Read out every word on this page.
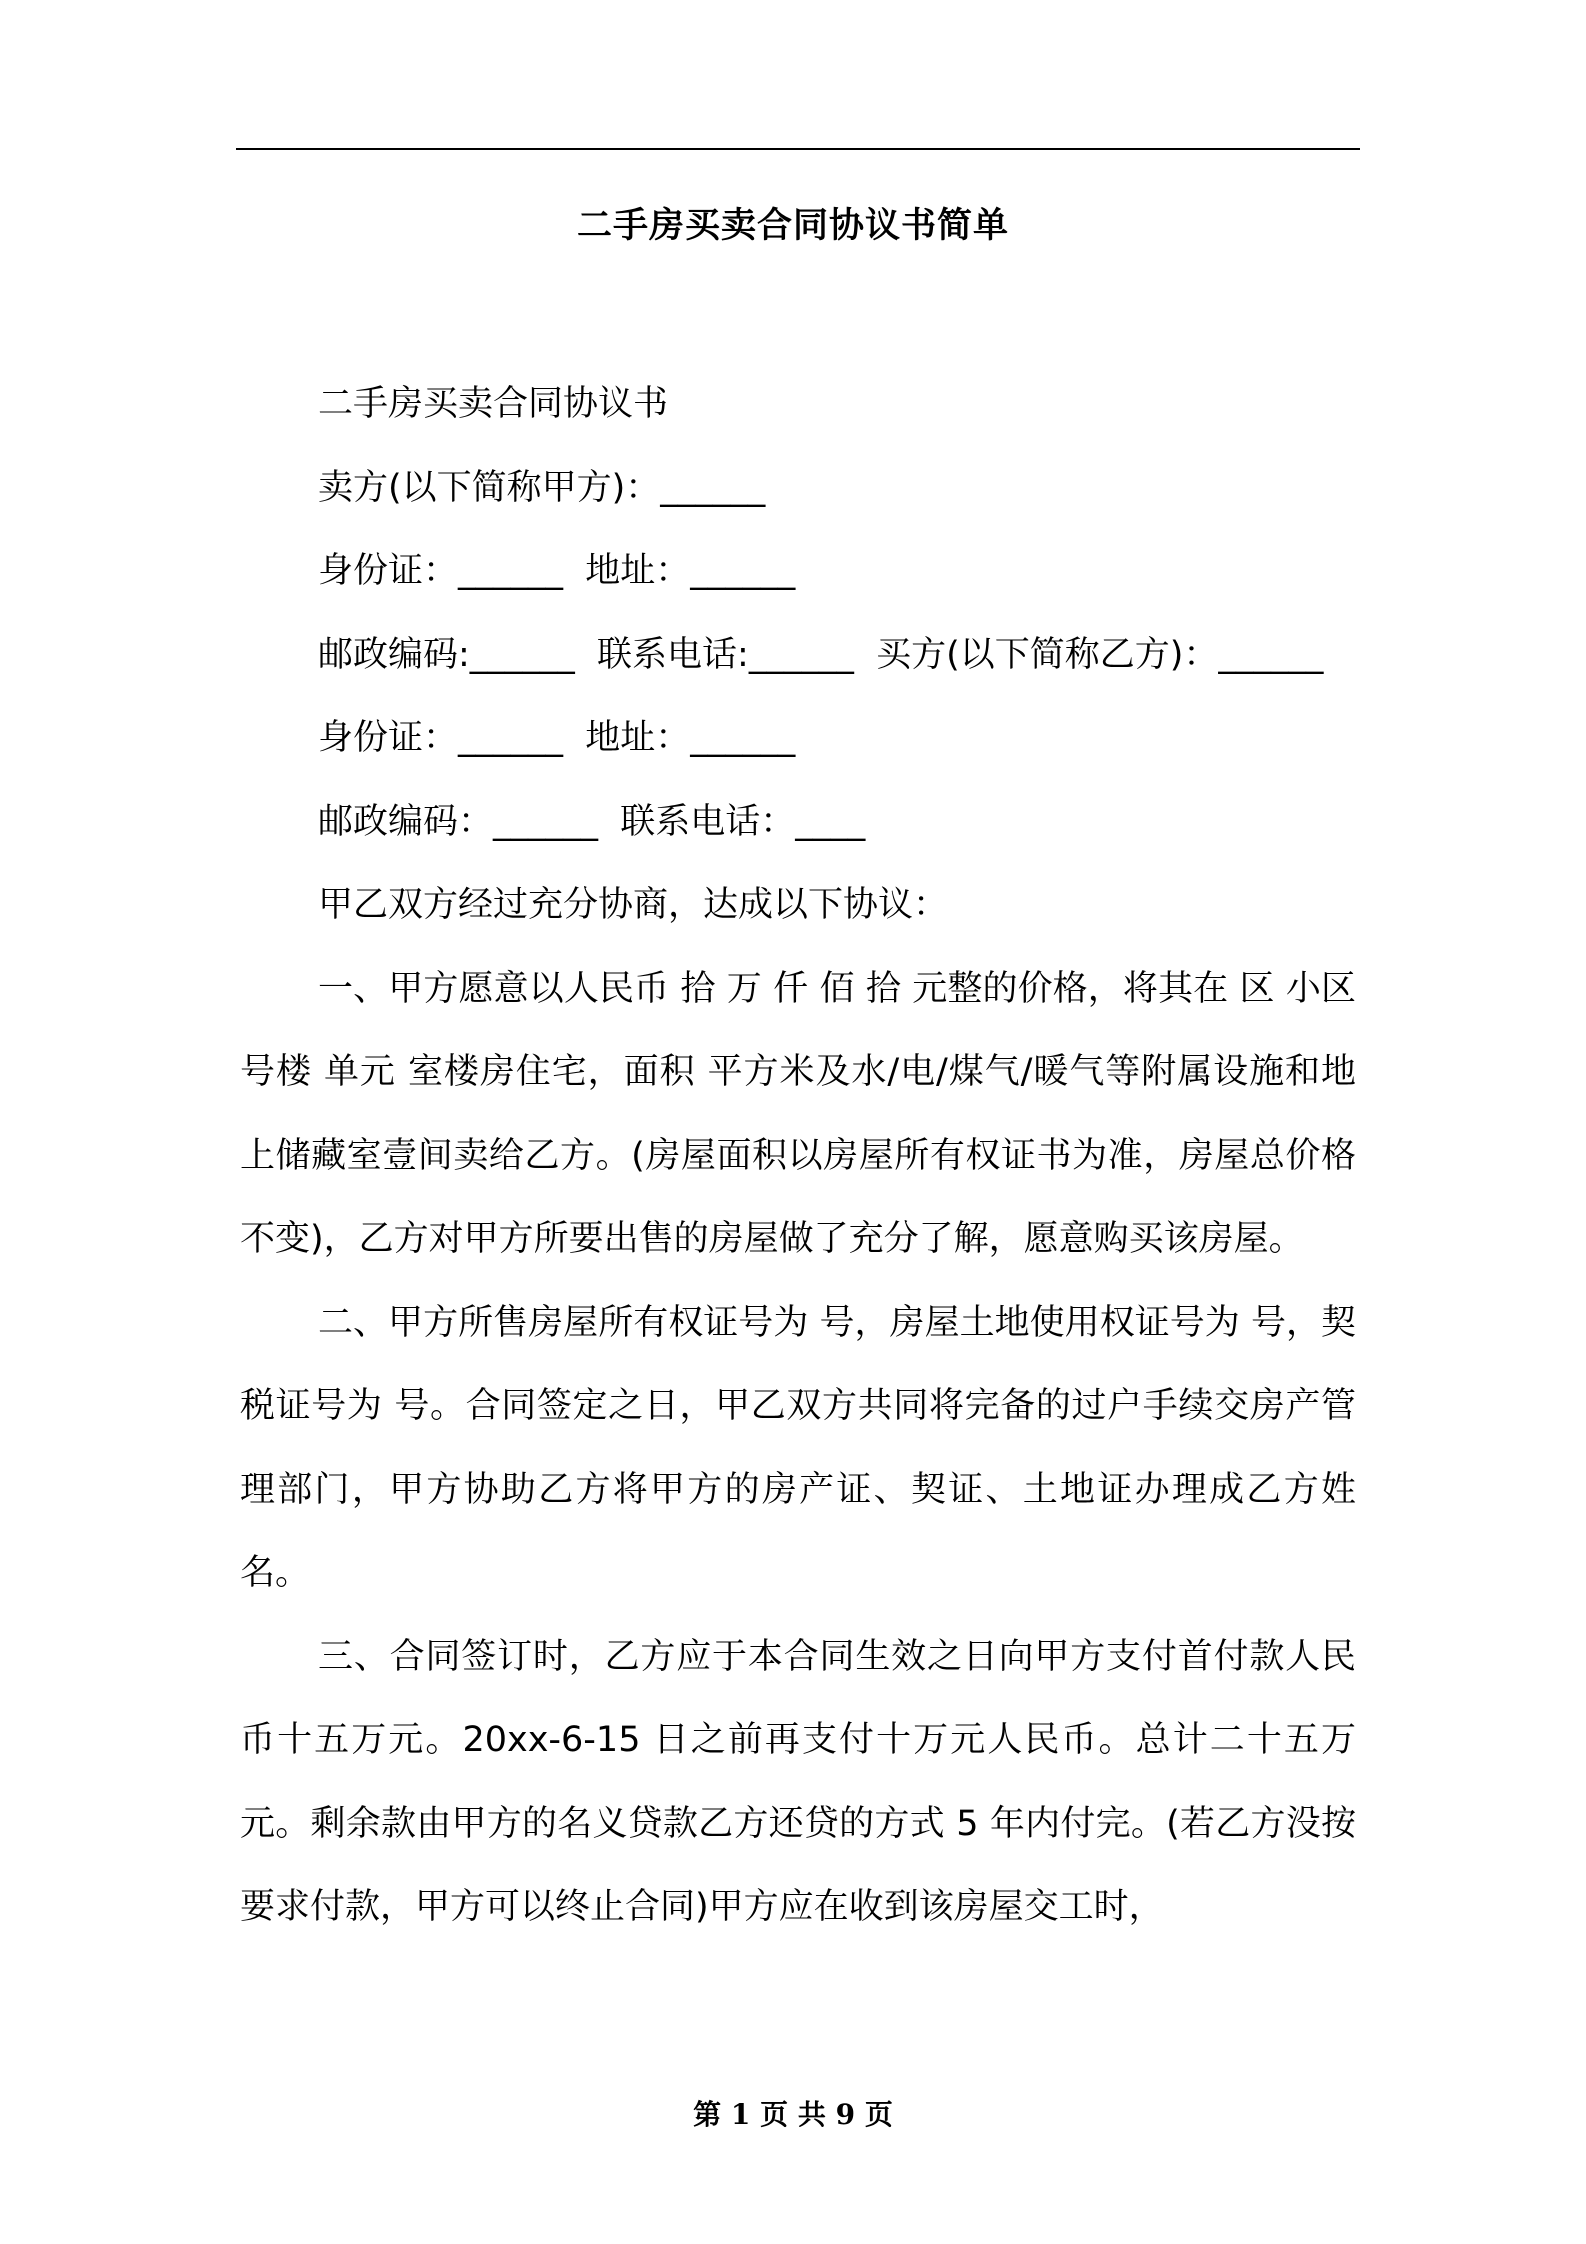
二手房买卖合同协议书简单
二手房买卖合同协议书
卖方(以下简称甲方)：______
身份证：______  地址：______
邮政编码:______  联系电话:______  买方(以下简称乙方)：______
身份证：______  地址：______
邮政编码：______  联系电话：____
甲乙双方经过充分协商，达成以下协议：

一、甲方愿意以人民币 拾 万 仟 佰 拾 元整的价格，将其在 区 小区 号楼 单元 室楼房住宅，面积 平方米及水/电/煤气/暖气等附属设施和地上储藏室壹间卖给乙方。(房屋面积以房屋所有权证书为准，房屋总价格不变)，乙方对甲方所要出售的房屋做了充分了解，愿意购买该房屋。

二、甲方所售房屋所有权证号为 号，房屋土地使用权证号为 号，契税证号为 号。合同签定之日，甲乙双方共同将完备的过户手续交房产管理部门，甲方协助乙方将甲方的房产证、契证、土地证办理成乙方姓名。

三、合同签订时，乙方应于本合同生效之日向甲方支付首付款人民币十五万元。20xx-6-15 日之前再支付十万元人民币。总计二十五万元。剩余款由甲方的名义贷款乙方还贷的方式 5 年内付完。(若乙方没按要求付款，甲方可以终止合同)甲方应在收到该房屋交工时，

第 1 页 共 9 页
